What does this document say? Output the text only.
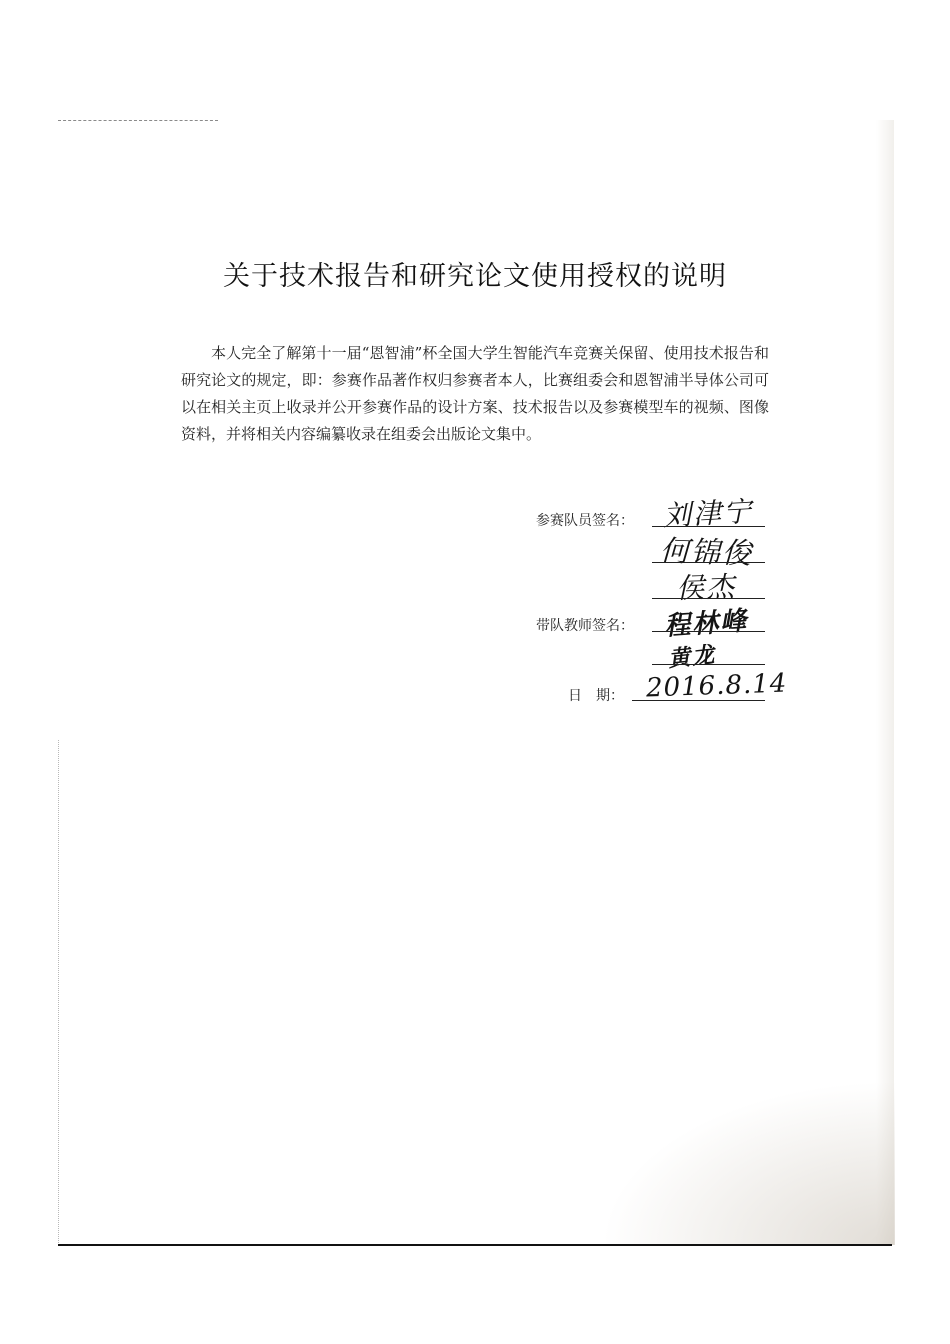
关于技术报告和研究论文使用授权的说明

本人完全了解第十一届“恩智浦”杯全国大学生智能汽车竞赛关保留、使用技术报告和研究论文的规定，即：参赛作品著作权归参赛者本人，比赛组委会和恩智浦半导体公司可以在相关主页上收录并公开参赛作品的设计方案、技术报告以及参赛模型车的视频、图像资料，并将相关内容编纂收录在组委会出版论文集中。

参赛队员签名： 刘津宁
何锦俊
侯杰
带队教师签名： 程林峰
黄龙
日　期： 2016.8.14
